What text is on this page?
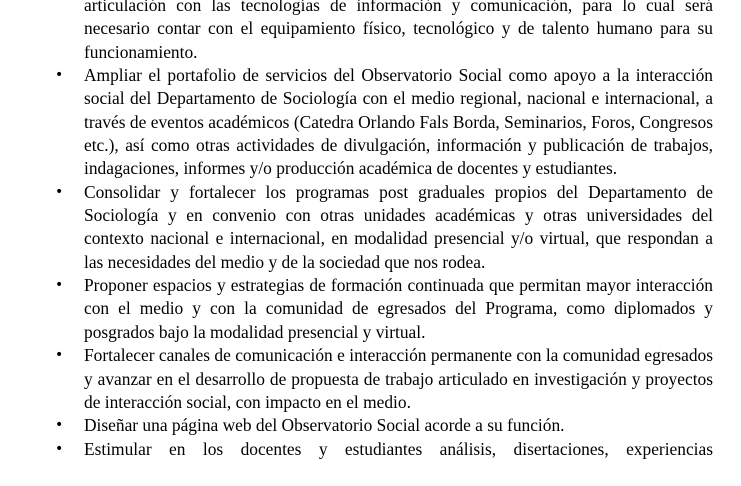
articulación con las tecnologías de información y comunicación, para lo cual será necesario contar con el equipamiento físico, tecnológico y de talento humano para su funcionamiento.

• Ampliar el portafolio de servicios del Observatorio Social como apoyo a la interacción social del Departamento de Sociología con el medio regional, nacional e internacional, a través de eventos académicos (Catedra Orlando Fals Borda, Seminarios, Foros, Congresos etc.), así como otras actividades de divulgación, información y publicación de trabajos, indagaciones, informes y/o producción académica de docentes y estudiantes.

• Consolidar y fortalecer los programas post graduales propios del Departamento de Sociología y en convenio con otras unidades académicas y otras universidades del contexto nacional e internacional, en modalidad presencial y/o virtual, que respondan a las necesidades del medio y de la sociedad que nos rodea.

• Proponer espacios y estrategias de formación continuada que permitan mayor interacción con el medio y con la comunidad de egresados del Programa, como diplomados y posgrados bajo la modalidad presencial y virtual.

• Fortalecer canales de comunicación e interacción permanente con la comunidad egresados y avanzar en el desarrollo de propuesta de trabajo articulado en investigación y proyectos de interacción social, con impacto en el medio.

• Diseñar una página web del Observatorio Social acorde a su función.

• Estimular en los docentes y estudiantes análisis, disertaciones, experiencias
